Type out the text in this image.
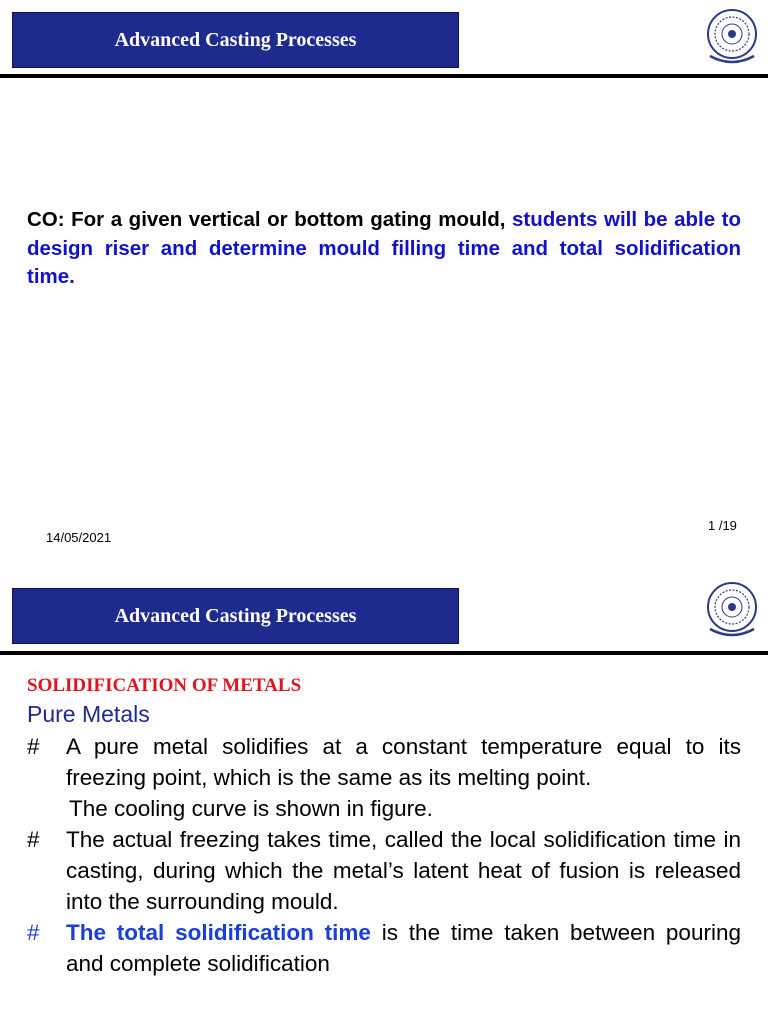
Advanced Casting Processes
CO: For a given vertical or bottom gating mould, students will be able to design riser and determine mould filling time and total solidification time.
14/05/2021
1 /19
Advanced Casting Processes
SOLIDIFICATION OF METALS
Pure Metals
# A pure metal solidifies at a constant temperature equal to its freezing point, which is the same as its melting point.
The cooling curve is shown in figure.
# The actual freezing takes time, called the local solidification time in casting, during which the metal’s latent heat of fusion is released into the surrounding mould.
# The total solidification time is the time taken between pouring and complete solidification
